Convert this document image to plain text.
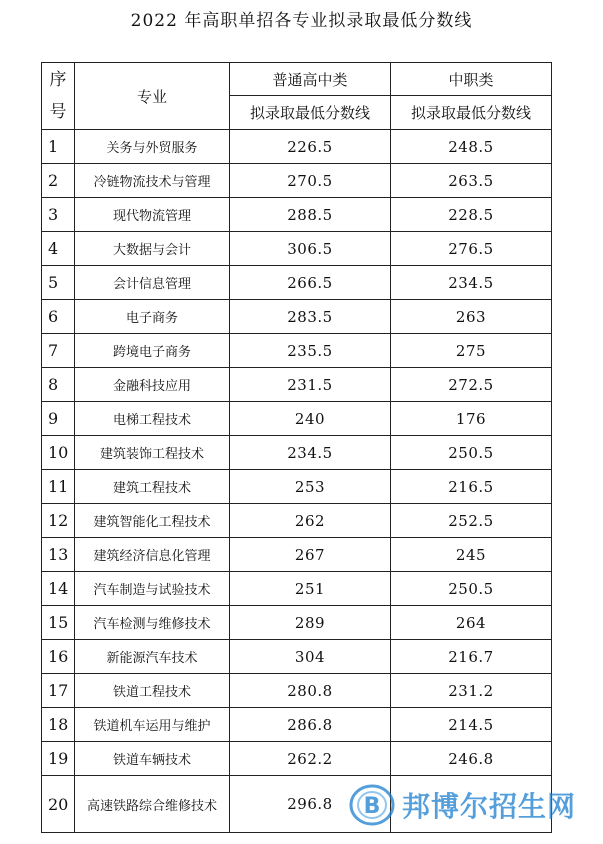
2022 年高职单招各专业拟录取最低分数线
序
号	专业	普通高中类	中职类
		拟录取最低分数线	拟录取最低分数线
1	关务与外贸服务	226.5	248.5
2	冷链物流技术与管理	270.5	263.5
3	现代物流管理	288.5	228.5
4	大数据与会计	306.5	276.5
5	会计信息管理	266.5	234.5
6	电子商务	283.5	263
7	跨境电子商务	235.5	275
8	金融科技应用	231.5	272.5
9	电梯工程技术	240	176
10	建筑装饰工程技术	234.5	250.5
11	建筑工程技术	253	216.5
12	建筑智能化工程技术	262	252.5
13	建筑经济信息化管理	267	245
14	汽车制造与试验技术	251	250.5
15	汽车检测与维修技术	289	264
16	新能源汽车技术	304	216.7
17	铁道工程技术	280.8	231.2
18	铁道机车运用与维护	286.8	214.5
19	铁道车辆技术	262.2	246.8
20	高速铁路综合维修技术	296.8	B 邦博尔招生网
